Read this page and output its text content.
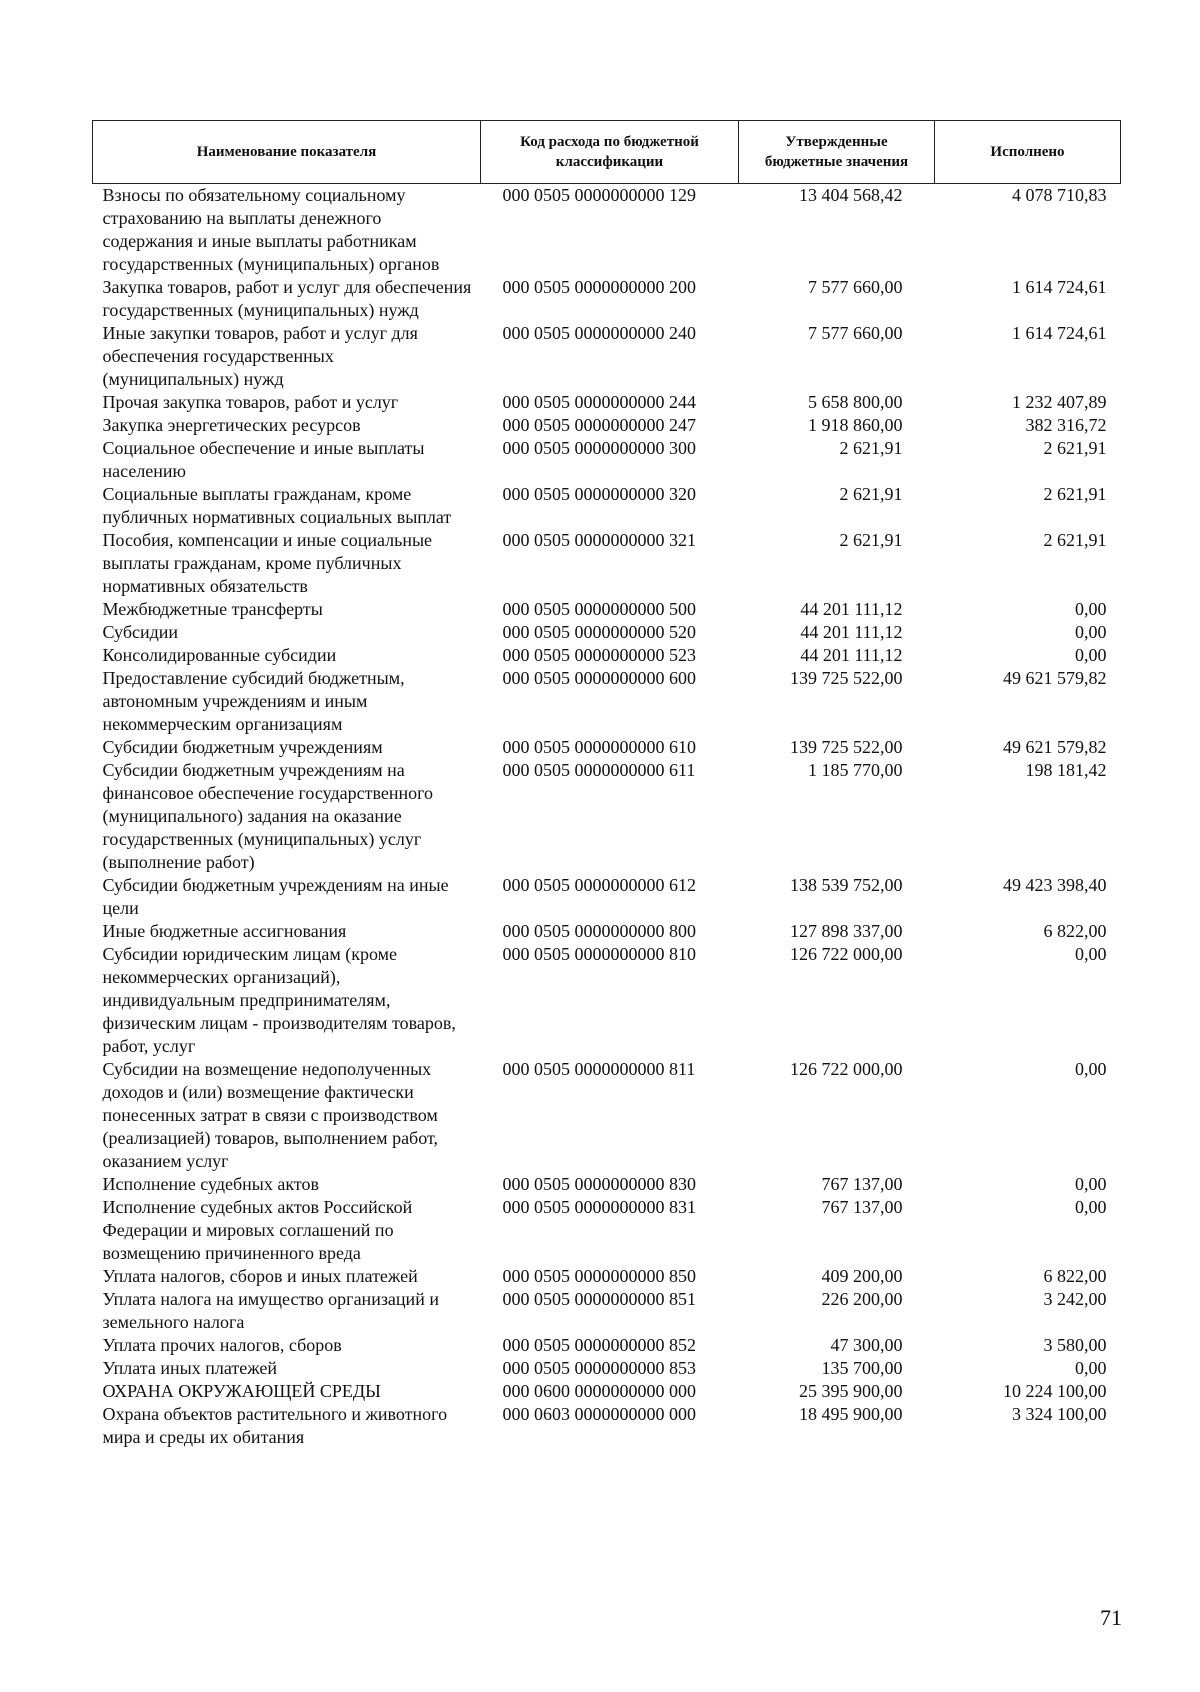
Наименование показателя	Код расхода по бюджетной классификации	Утвержденные бюджетные значения	Исполнено
Взносы по обязательному социальному страхованию на выплаты денежного содержания и иные выплаты работникам государственных (муниципальных) органов	000 0505 0000000000 129	13 404 568,42	4 078 710,83
Закупка товаров, работ и услуг для обеспечения государственных (муниципальных) нужд	000 0505 0000000000 200	7 577 660,00	1 614 724,61
Иные закупки товаров, работ и услуг для обеспечения государственных (муниципальных) нужд	000 0505 0000000000 240	7 577 660,00	1 614 724,61
Прочая закупка товаров, работ и услуг	000 0505 0000000000 244	5 658 800,00	1 232 407,89
Закупка энергетических ресурсов	000 0505 0000000000 247	1 918 860,00	382 316,72
Социальное обеспечение и иные выплаты населению	000 0505 0000000000 300	2 621,91	2 621,91
Социальные выплаты гражданам, кроме публичных нормативных социальных выплат	000 0505 0000000000 320	2 621,91	2 621,91
Пособия, компенсации и иные социальные выплаты гражданам, кроме публичных нормативных обязательств	000 0505 0000000000 321	2 621,91	2 621,91
Межбюджетные трансферты	000 0505 0000000000 500	44 201 111,12	0,00
Субсидии	000 0505 0000000000 520	44 201 111,12	0,00
Консолидированные субсидии	000 0505 0000000000 523	44 201 111,12	0,00
Предоставление субсидий бюджетным, автономным учреждениям и иным некоммерческим организациям	000 0505 0000000000 600	139 725 522,00	49 621 579,82
Субсидии бюджетным учреждениям	000 0505 0000000000 610	139 725 522,00	49 621 579,82
Субсидии бюджетным учреждениям на финансовое обеспечение государственного (муниципального) задания на оказание государственных (муниципальных) услуг (выполнение работ)	000 0505 0000000000 611	1 185 770,00	198 181,42
Субсидии бюджетным учреждениям на иные цели	000 0505 0000000000 612	138 539 752,00	49 423 398,40
Иные бюджетные ассигнования	000 0505 0000000000 800	127 898 337,00	6 822,00
Субсидии юридическим лицам (кроме некоммерческих организаций), индивидуальным предпринимателям, физическим лицам - производителям товаров, работ, услуг	000 0505 0000000000 810	126 722 000,00	0,00
Субсидии на возмещение недополученных доходов и (или) возмещение фактически понесенных затрат в связи с производством (реализацией) товаров, выполнением работ, оказанием услуг	000 0505 0000000000 811	126 722 000,00	0,00
Исполнение судебных актов	000 0505 0000000000 830	767 137,00	0,00
Исполнение судебных актов Российской Федерации и мировых соглашений по возмещению причиненного вреда	000 0505 0000000000 831	767 137,00	0,00
Уплата налогов, сборов и иных платежей	000 0505 0000000000 850	409 200,00	6 822,00
Уплата налога на имущество организаций и земельного налога	000 0505 0000000000 851	226 200,00	3 242,00
Уплата прочих налогов, сборов	000 0505 0000000000 852	47 300,00	3 580,00
Уплата иных платежей	000 0505 0000000000 853	135 700,00	0,00
ОХРАНА ОКРУЖАЮЩЕЙ СРЕДЫ	000 0600 0000000000 000	25 395 900,00	10 224 100,00
Охрана объектов растительного и животного мира и среды их обитания	000 0603 0000000000 000	18 495 900,00	3 324 100,00
71
